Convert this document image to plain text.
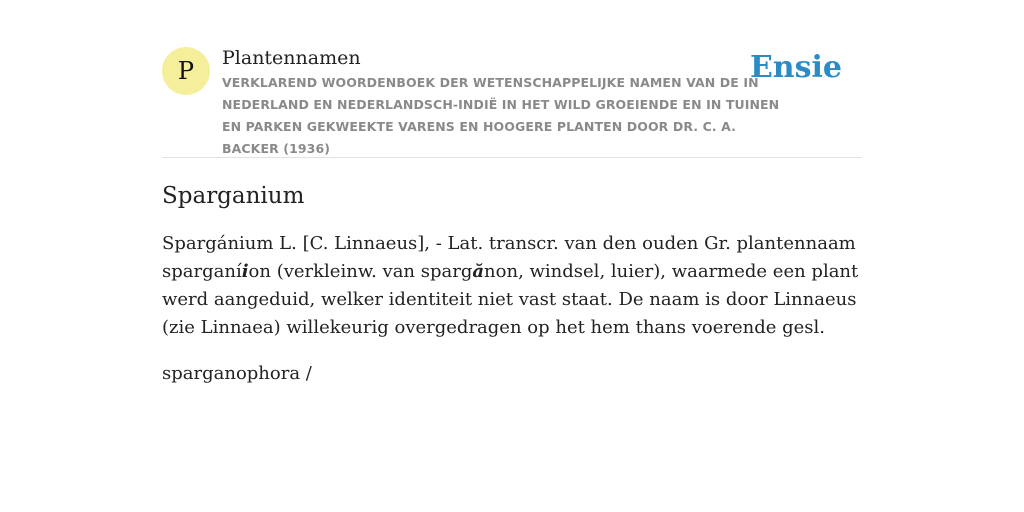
P	Plantennamen
VERKLAREND WOORDENBOEK DER WETENSCHAPPELIJKE NAMEN VAN DE IN NEDERLAND EN NEDERLANDSCH-INDIË IN HET WILD GROEIENDE EN IN TUINEN EN PARKEN GEKWEEKTE VARENS EN HOOGERE PLANTEN DOOR DR. C. A. BACKER (1936)
Ensie
Sparganium

Spargánium L. [C. Linnaeus], - Lat. transcr. van den ouden Gr. plantennaam sparganíion (verkleinw. van spargănon, windsel, luier), waarmede een plant werd aangeduid, welker identiteit niet vast staat. De naam is door Linnaeus (zie Linnaea) willekeurig overgedragen op het hem thans voerende gesl.

sparganophora /
